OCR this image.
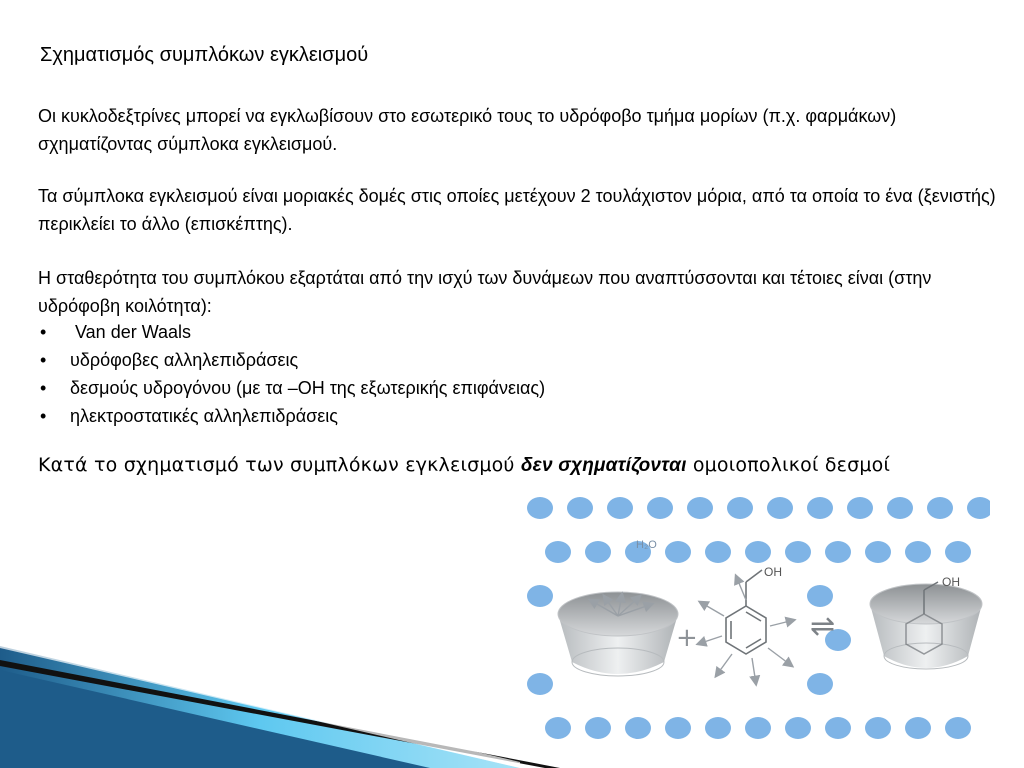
Σχηματισμός συμπλόκων εγκλεισμού
Οι κυκλοδεξτρίνες μπορεί να εγκλωβίσουν στο εσωτερικό τους το υδρόφοβο τμήμα μορίων (π.χ. φαρμάκων) σχηματίζοντας σύμπλοκα εγκλεισμού.
Τα σύμπλοκα εγκλεισμού είναι μοριακές δομές στις οποίες μετέχουν 2 τουλάχιστον μόρια, από τα οποία το ένα (ξενιστής) περικλείει το άλλο (επισκέπτης).
Η σταθερότητα του συμπλόκου εξαρτάται από την ισχύ των δυνάμεων που αναπτύσσονται και τέτοιες είναι (στην υδρόφοβη κοιλότητα):
• Van der Waals
• υδρόφοβες αλληλεπιδράσεις
• δεσμούς υδρογόνου (με τα –ΟΗ της εξωτερικής επιφάνειας)
• ηλεκτροστατικές αλληλεπιδράσεις
Κατά το σχηματισμό των συμπλόκων εγκλεισμού δεν σχηματίζονται ομοιοπολικοί δεσμοί
H₂O
+
OH
⇌
OH
